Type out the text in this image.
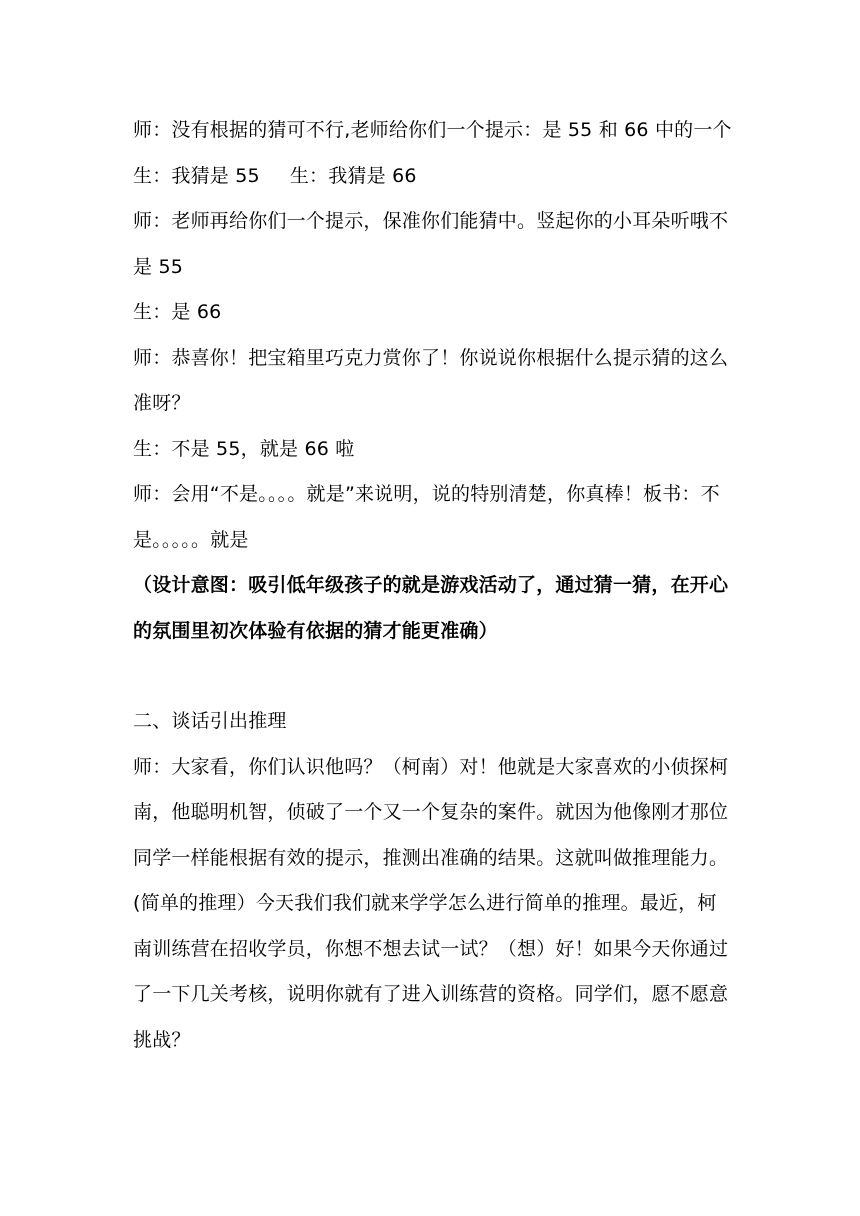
师：没有根据的猜可不行,老师给你们一个提示：是 55 和 66 中的一个

生：我猜是 55 生：我猜是 66

师：老师再给你们一个提示，保准你们能猜中。竖起你的小耳朵听哦不是 55

生：是 66

师：恭喜你！把宝箱里巧克力赏你了！你说说你根据什么提示猜的这么准呀？

生：不是 55，就是 66 啦

师：会用“不是。。。。就是”来说明，说的特别清楚，你真棒！板书：不是。。。。。就是

（设计意图：吸引低年级孩子的就是游戏活动了，通过猜一猜，在开心的氛围里初次体验有依据的猜才能更准确）

二、谈话引出推理

师：大家看，你们认识他吗？（柯南）对！他就是大家喜欢的小侦探柯南，他聪明机智，侦破了一个又一个复杂的案件。就因为他像刚才那位同学一样能根据有效的提示，推测出准确的结果。这就叫做推理能力。(简单的推理）今天我们我们就来学学怎么进行简单的推理。最近，柯南训练营在招收学员，你想不想去试一试？（想）好！如果今天你通过了一下几关考核，说明你就有了进入训练营的资格。同学们，愿不愿意挑战？
